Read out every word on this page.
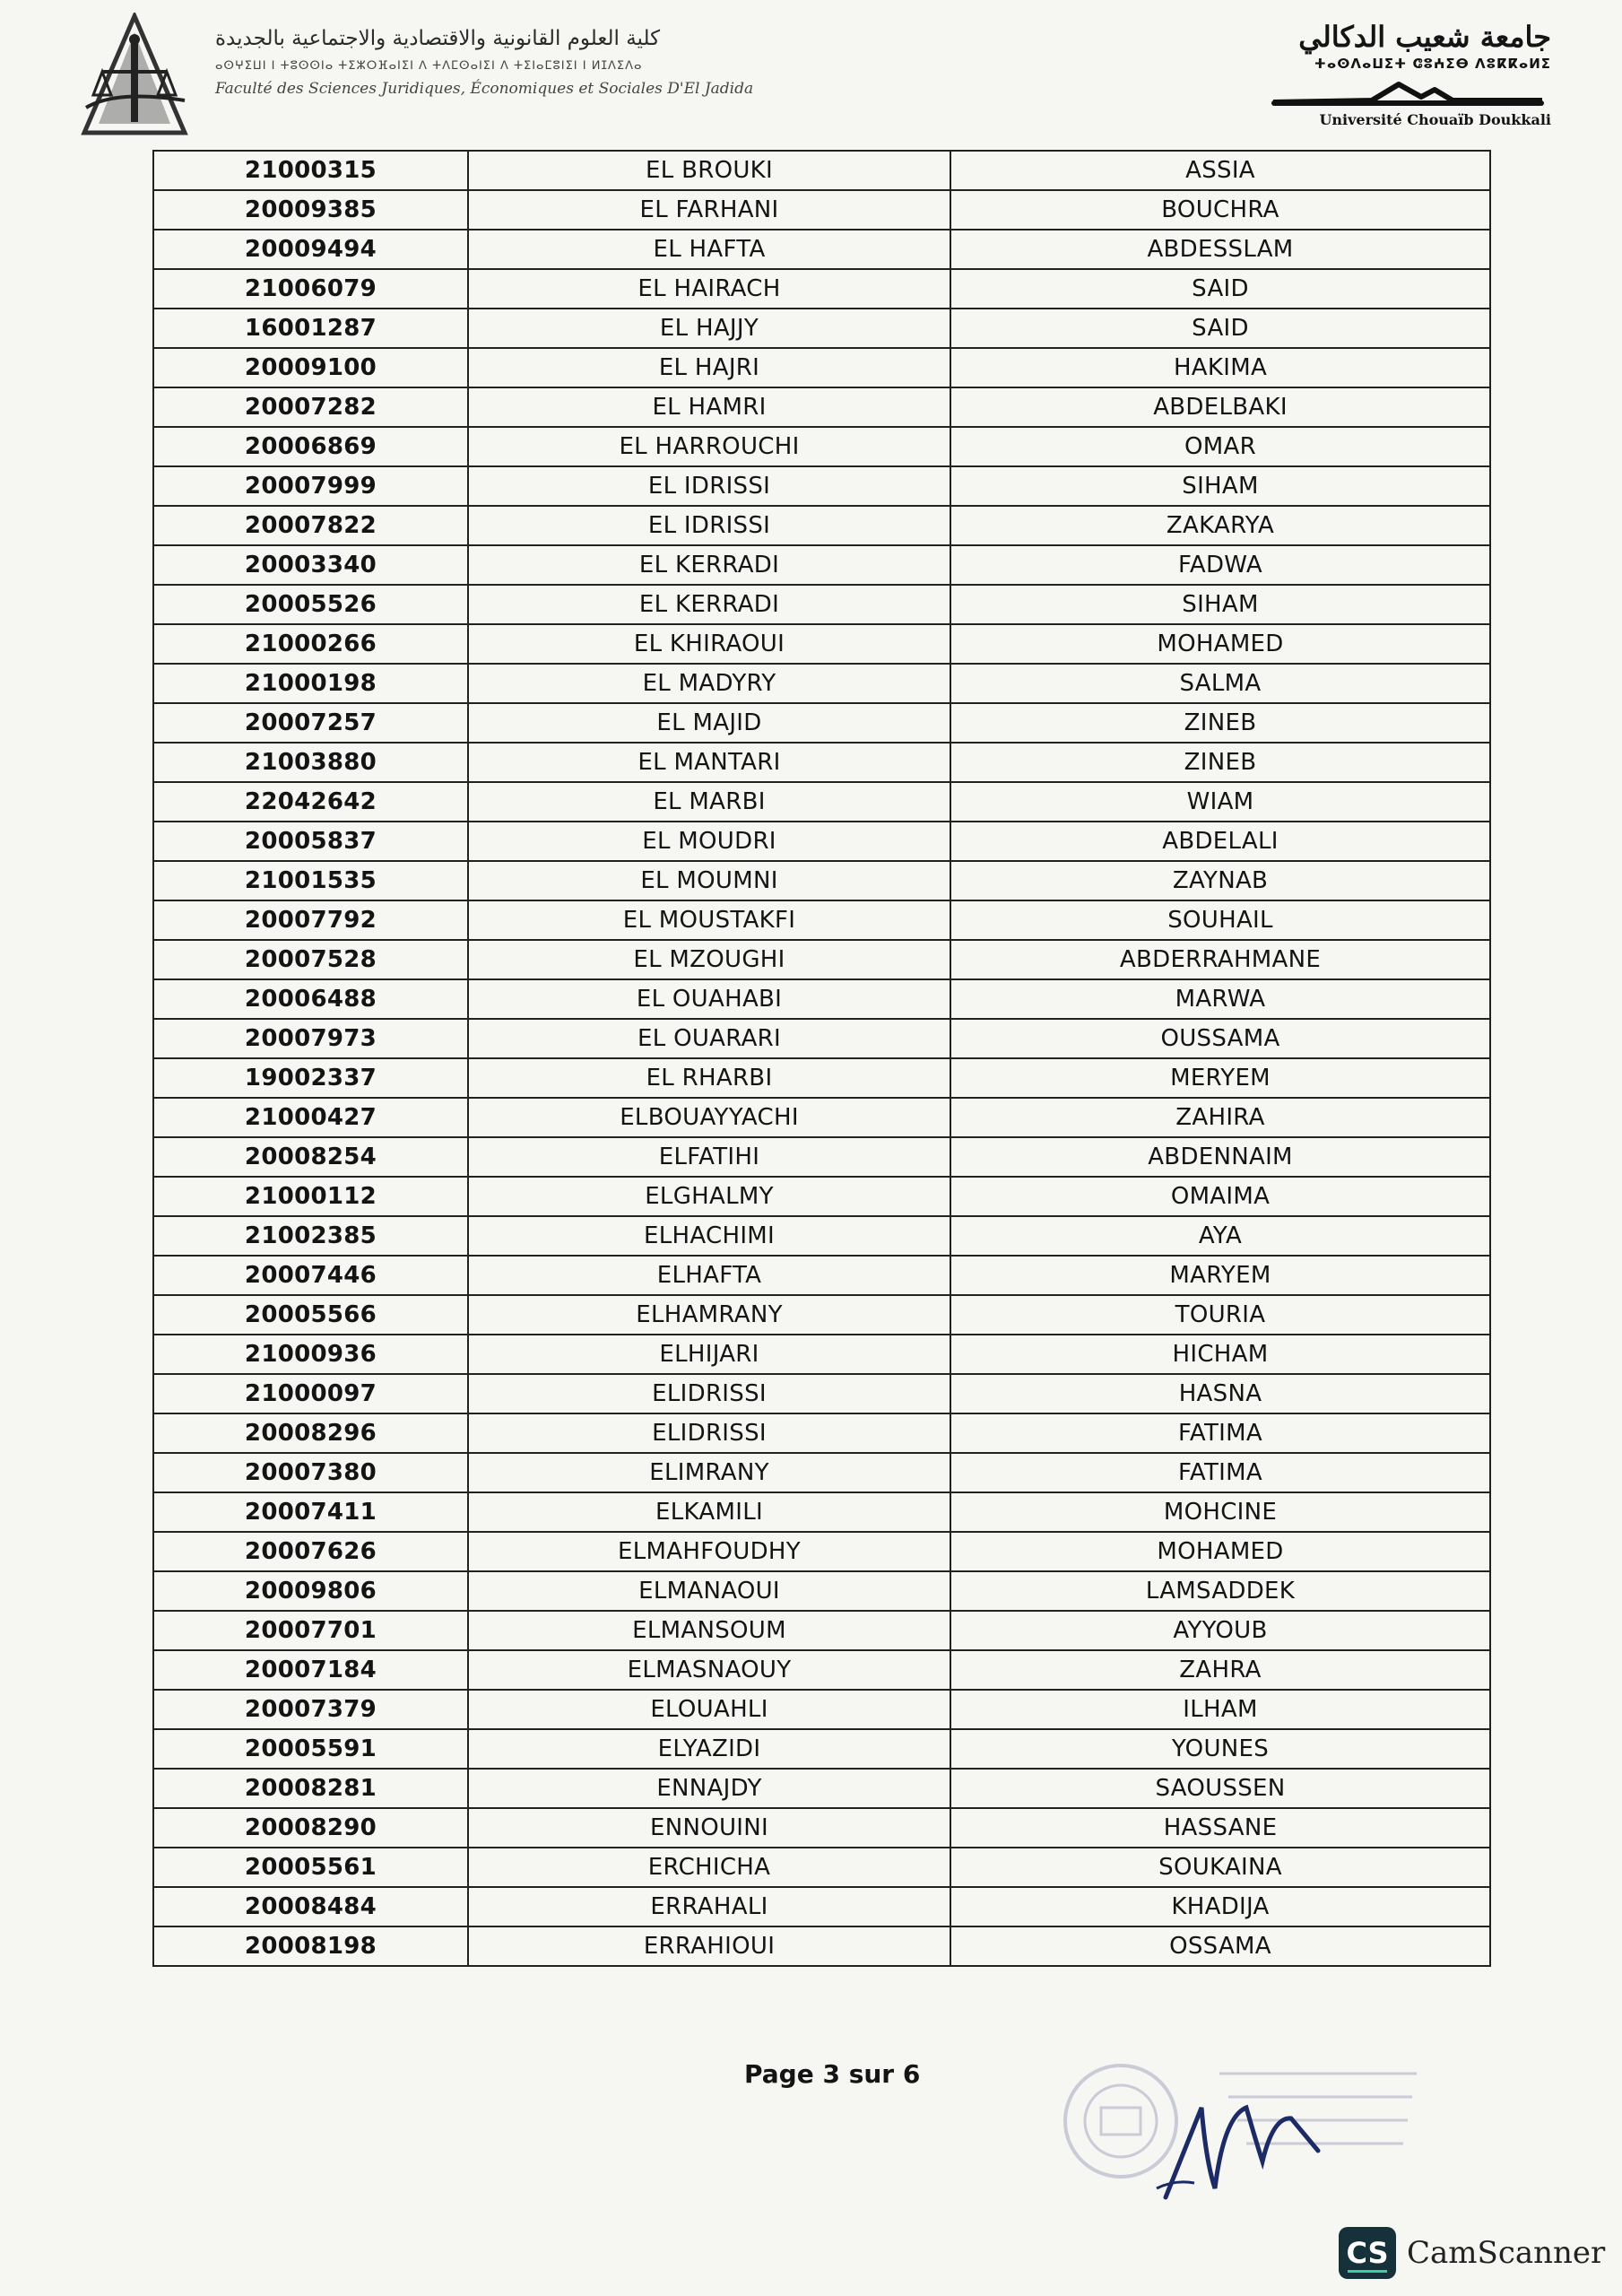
كلية العلوم القانونية والاقتصادية والاجتماعية بالجديدة
ⴰⵙⵖⵉⵡⵏ ⵏ ⵜⵓⵙⵙⵏⴰ ⵜⵉⵣⵔⴼⴰⵏⵉⵏ ⴷ ⵜⴷⵎⵙⴰⵏⵉⵏ ⴷ ⵜⵉⵏⴰⵎⵓⵏⵉⵏ ⵏ ⵍⵊⴷⵉⴷⴰ
Faculté des Sciences Juridiques, Économiques et Sociales D'El Jadida
جامعة شعيب الدكالي
ⵜⴰⵙⴷⴰⵡⵉⵜ ⵛⵓⵄⵉⴱ ⴷⵓⴽⴽⴰⵍⵉ
Université Chouaïb Doukkali
21000315	EL BROUKI	ASSIA
20009385	EL FARHANI	BOUCHRA
20009494	EL HAFTA	ABDESSLAM
21006079	EL HAIRACH	SAID
16001287	EL HAJJY	SAID
20009100	EL HAJRI	HAKIMA
20007282	EL HAMRI	ABDELBAKI
20006869	EL HARROUCHI	OMAR
20007999	EL IDRISSI	SIHAM
20007822	EL IDRISSI	ZAKARYA
20003340	EL KERRADI	FADWA
20005526	EL KERRADI	SIHAM
21000266	EL KHIRAOUI	MOHAMED
21000198	EL MADYRY	SALMA
20007257	EL MAJID	ZINEB
21003880	EL MANTARI	ZINEB
22042642	EL MARBI	WIAM
20005837	EL MOUDRI	ABDELALI
21001535	EL MOUMNI	ZAYNAB
20007792	EL MOUSTAKFI	SOUHAIL
20007528	EL MZOUGHI	ABDERRAHMANE
20006488	EL OUAHABI	MARWA
20007973	EL OUARARI	OUSSAMA
19002337	EL RHARBI	MERYEM
21000427	ELBOUAYYACHI	ZAHIRA
20008254	ELFATIHI	ABDENNAIM
21000112	ELGHALMY	OMAIMA
21002385	ELHACHIMI	AYA
20007446	ELHAFTA	MARYEM
20005566	ELHAMRANY	TOURIA
21000936	ELHIJARI	HICHAM
21000097	ELIDRISSI	HASNA
20008296	ELIDRISSI	FATIMA
20007380	ELIMRANY	FATIMA
20007411	ELKAMILI	MOHCINE
20007626	ELMAHFOUDHY	MOHAMED
20009806	ELMANAOUI	LAMSADDEK
20007701	ELMANSOUM	AYYOUB
20007184	ELMASNAOUY	ZAHRA
20007379	ELOUAHLI	ILHAM
20005591	ELYAZIDI	YOUNES
20008281	ENNAJDY	SAOUSSEN
20008290	ENNOUINI	HASSANE
20005561	ERCHICHA	SOUKAINA
20008484	ERRAHALI	KHADIJA
20008198	ERRAHIOUI	OSSAMA
Page 3 sur 6
CS CamScanner
